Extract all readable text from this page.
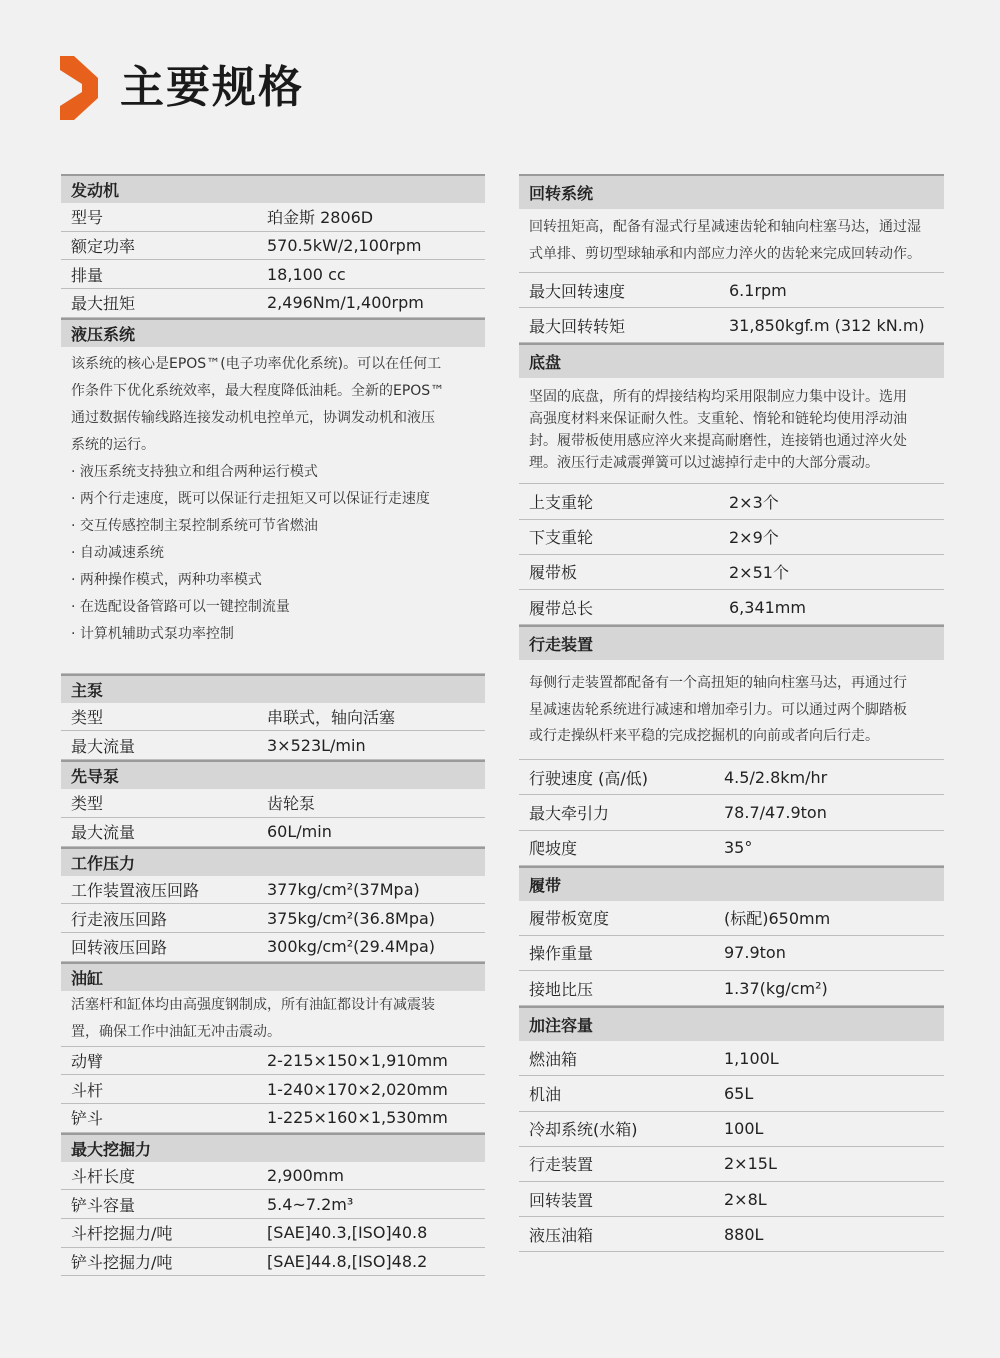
主要规格
发动机
型号	珀金斯 2806D
额定功率	570.5kW/2,100rpm
排量	18,100 cc
最大扭矩	2,496Nm/1,400rpm
液压系统

该系统的核心是EPOS™(电子功率优化系统)。可以在任何工

作条件下优化系统效率，最大程度降低油耗。全新的EPOS™

通过数据传输线路连接发动机电控单元，协调发动机和液压

系统的运行。

· 液压系统支持独立和组合两种运行模式

· 两个行走速度，既可以保证行走扭矩又可以保证行走速度

· 交互传感控制主泵控制系统可节省燃油

· 自动减速系统

· 两种操作模式，两种功率模式

· 在选配设备管路可以一键控制流量

· 计算机辅助式泵功率控制

主泵
类型	串联式，轴向活塞
最大流量	3×523L/min
先导泵
类型	齿轮泵
最大流量	60L/min
工作压力
工作装置液压回路	377kg/cm²(37Mpa)
行走液压回路	375kg/cm²(36.8Mpa)
回转液压回路	300kg/cm²(29.4Mpa)
油缸

活塞杆和缸体均由高强度钢制成，所有油缸都设计有减震装

置，确保工作中油缸无冲击震动。

动臂	2-215×150×1,910mm
斗杆	1-240×170×2,020mm
铲斗	1-225×160×1,530mm
最大挖掘力
斗杆长度	2,900mm
铲斗容量	5.4~7.2m³
斗杆挖掘力/吨	[SAE]40.3,[ISO]40.8
铲斗挖掘力/吨	[SAE]44.8,[ISO]48.2
回转系统

回转扭矩高，配备有湿式行星减速齿轮和轴向柱塞马达，通过湿

式单排、剪切型球轴承和内部应力淬火的齿轮来完成回转动作。

最大回转速度	6.1rpm
最大回转转矩	31,850kgf.m (312 kN.m)
底盘

坚固的底盘，所有的焊接结构均采用限制应力集中设计。选用

高强度材料来保证耐久性。支重轮、惰轮和链轮均使用浮动油

封。履带板使用感应淬火来提高耐磨性，连接销也通过淬火处

理。液压行走减震弹簧可以过滤掉行走中的大部分震动。

上支重轮	2×3个
下支重轮	2×9个
履带板	2×51个
履带总长	6,341mm
行走装置

每侧行走装置都配备有一个高扭矩的轴向柱塞马达，再通过行

星减速齿轮系统进行减速和增加牵引力。可以通过两个脚踏板

或行走操纵杆来平稳的完成挖掘机的向前或者向后行走。

行驶速度 (高/低)	4.5/2.8km/hr
最大牵引力	78.7/47.9ton
爬坡度	35°
履带
履带板宽度	(标配)650mm
操作重量	97.9ton
接地比压	1.37(kg/cm²)
加注容量
燃油箱	1,100L
机油	65L
冷却系统(水箱)	100L
行走装置	2×15L
回转装置	2×8L
液压油箱	880L
